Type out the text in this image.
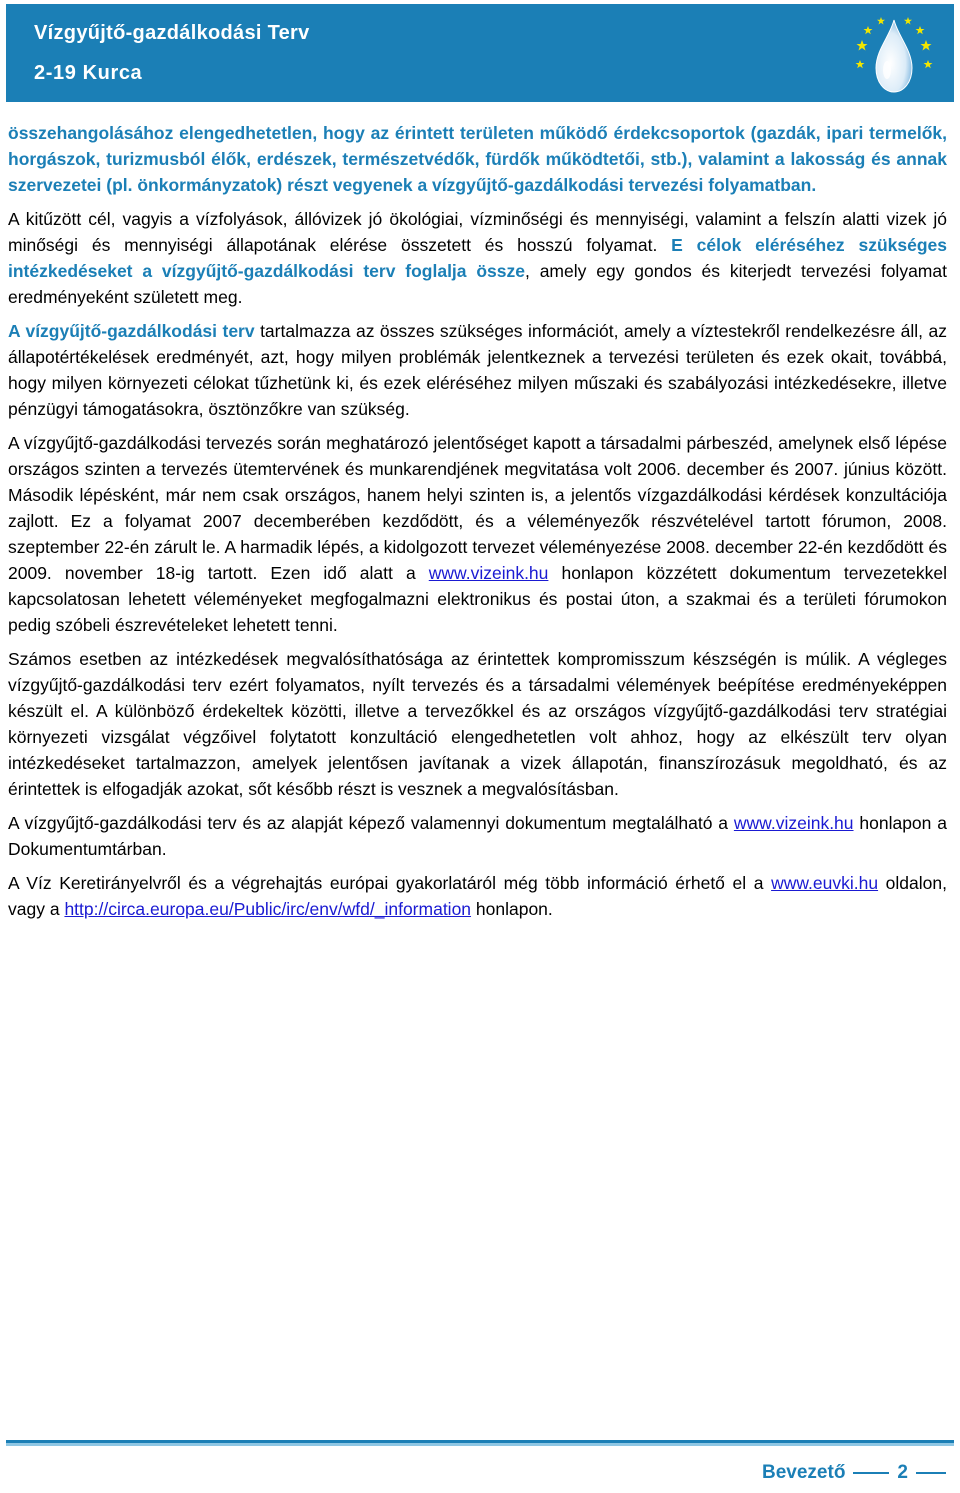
Vízgyűjtő-gazdálkodási Terv
2-19 Kurca

összehangolásához elengedhetetlen, hogy az érintett területen működő érdekcsoportok (gazdák, ipari termelők, horgászok, turizmusból élők, erdészek, természetvédők, fürdők működtetői, stb.), valamint a lakosság és annak szervezetei (pl. önkormányzatok) részt vegyenek a vízgyűjtő-gazdálkodási tervezési folyamatban.

A kitűzött cél, vagyis a vízfolyások, állóvizek jó ökológiai, vízminőségi és mennyiségi, valamint a felszín alatti vizek jó minőségi és mennyiségi állapotának elérése összetett és hosszú folyamat. E célok eléréséhez szükséges intézkedéseket a vízgyűjtő-gazdálkodási terv foglalja össze, amely egy gondos és kiterjedt tervezési folyamat eredményeként született meg.

A vízgyűjtő-gazdálkodási terv tartalmazza az összes szükséges információt, amely a víztestekről rendelkezésre áll, az állapotértékelések eredményét, azt, hogy milyen problémák jelentkeznek a tervezési területen és ezek okait, továbbá, hogy milyen környezeti célokat tűzhetünk ki, és ezek eléréséhez milyen műszaki és szabályozási intézkedésekre, illetve pénzügyi támogatásokra, ösztönzőkre van szükség.

A vízgyűjtő-gazdálkodási tervezés során meghatározó jelentőséget kapott a társadalmi párbeszéd, amelynek első lépése országos szinten a tervezés ütemtervének és munkarendjének megvitatása volt 2006. december és 2007. június között. Második lépésként, már nem csak országos, hanem helyi szinten is, a jelentős vízgazdálkodási kérdések konzultációja zajlott. Ez a folyamat 2007 decemberében kezdődött, és a véleményezők részvételével tartott fórumon, 2008. szeptember 22-én zárult le. A harmadik lépés, a kidolgozott tervezet véleményezése 2008. december 22-én kezdődött és 2009. november 18-ig tartott. Ezen idő alatt a www.vizeink.hu honlapon közzétett dokumentum tervezetekkel kapcsolatosan lehetett véleményeket megfogalmazni elektronikus és postai úton, a szakmai és a területi fórumokon pedig szóbeli észrevételeket lehetett tenni.

Számos esetben az intézkedések megvalósíthatósága az érintettek kompromisszum készségén is múlik. A végleges vízgyűjtő-gazdálkodási terv ezért folyamatos, nyílt tervezés és a társadalmi vélemények beépítése eredményeképpen készült el. A különböző érdekeltek közötti, illetve a tervezőkkel és az országos vízgyűjtő-gazdálkodási terv stratégiai környezeti vizsgálat végzőivel folytatott konzultáció elengedhetetlen volt ahhoz, hogy az elkészült terv olyan intézkedéseket tartalmazzon, amelyek jelentősen javítanak a vizek állapotán, finanszírozásuk megoldható, és az érintettek is elfogadják azokat, sőt később részt is vesznek a megvalósításban.

A vízgyűjtő-gazdálkodási terv és az alapját képező valamennyi dokumentum megtalálható a www.vizeink.hu honlapon a Dokumentumtárban.

A Víz Keretirányelvről és a végrehajtás európai gyakorlatáról még több információ érhető el a www.euvki.hu oldalon, vagy a http://circa.europa.eu/Public/irc/env/wfd/_information honlapon.

Bevezető	2
